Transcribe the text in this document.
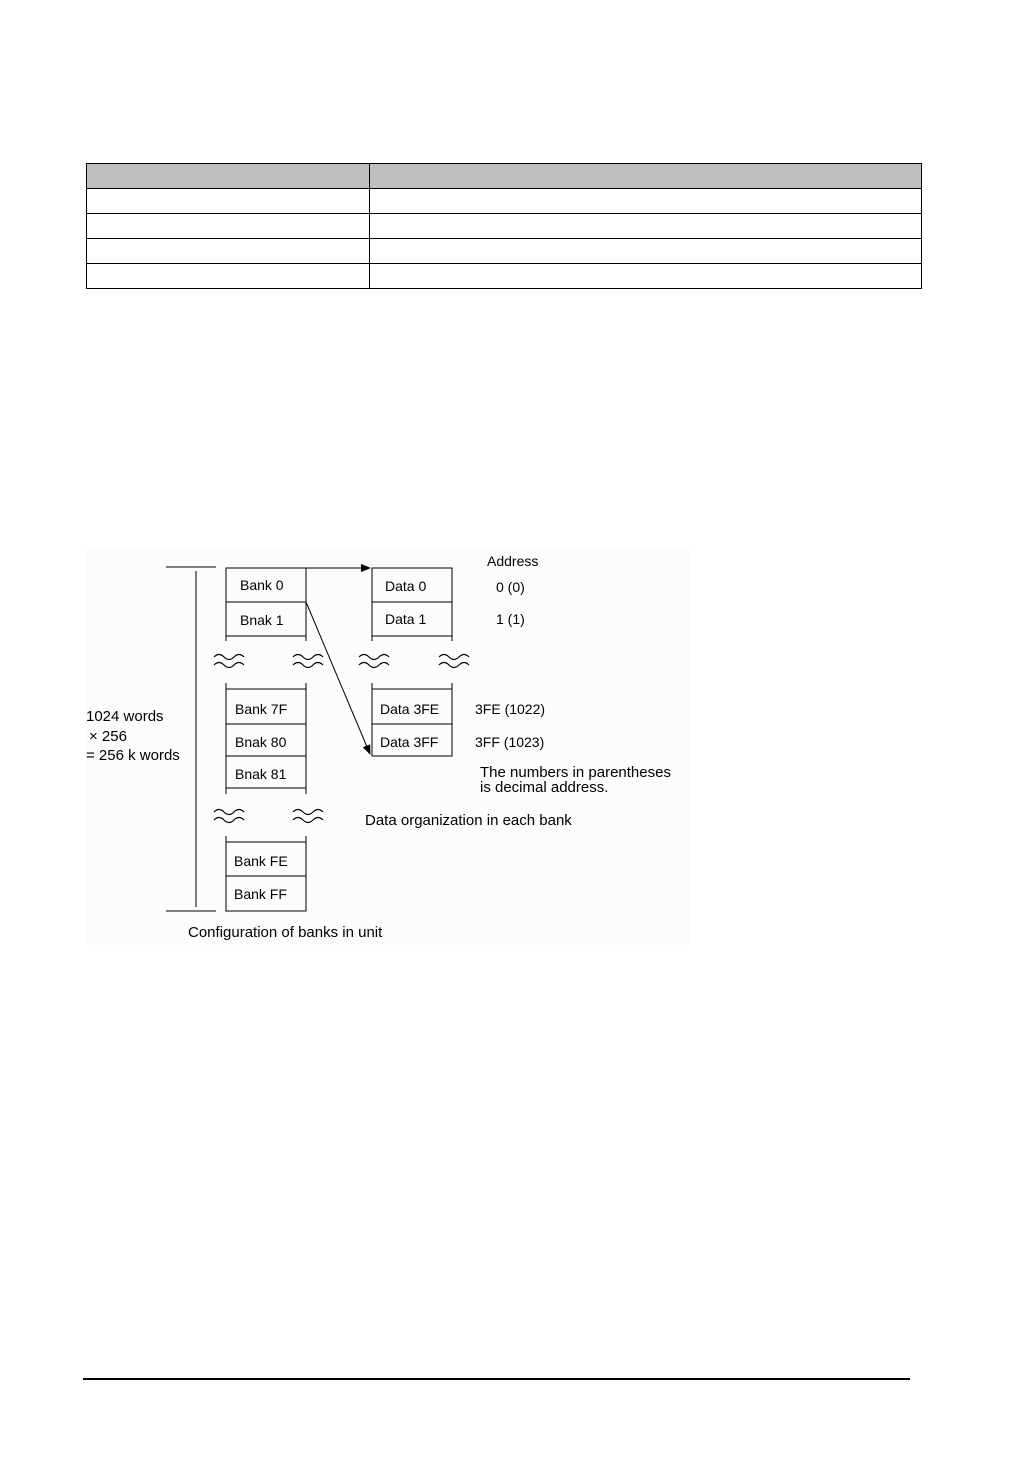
Bank 0
Bnak 1
Bank 7F
Bnak 80
Bnak 81
Bank FE
Bank FF
Data 0
Data 1
Data 3FE
Data 3FF
Address
0 (0)
1 (1)
3FE (1022)
3FF (1023)
1024 words
× 256
= 256 k words
The numbers in parentheses
is decimal address.
Data organization in each bank
Configuration of banks in unit
